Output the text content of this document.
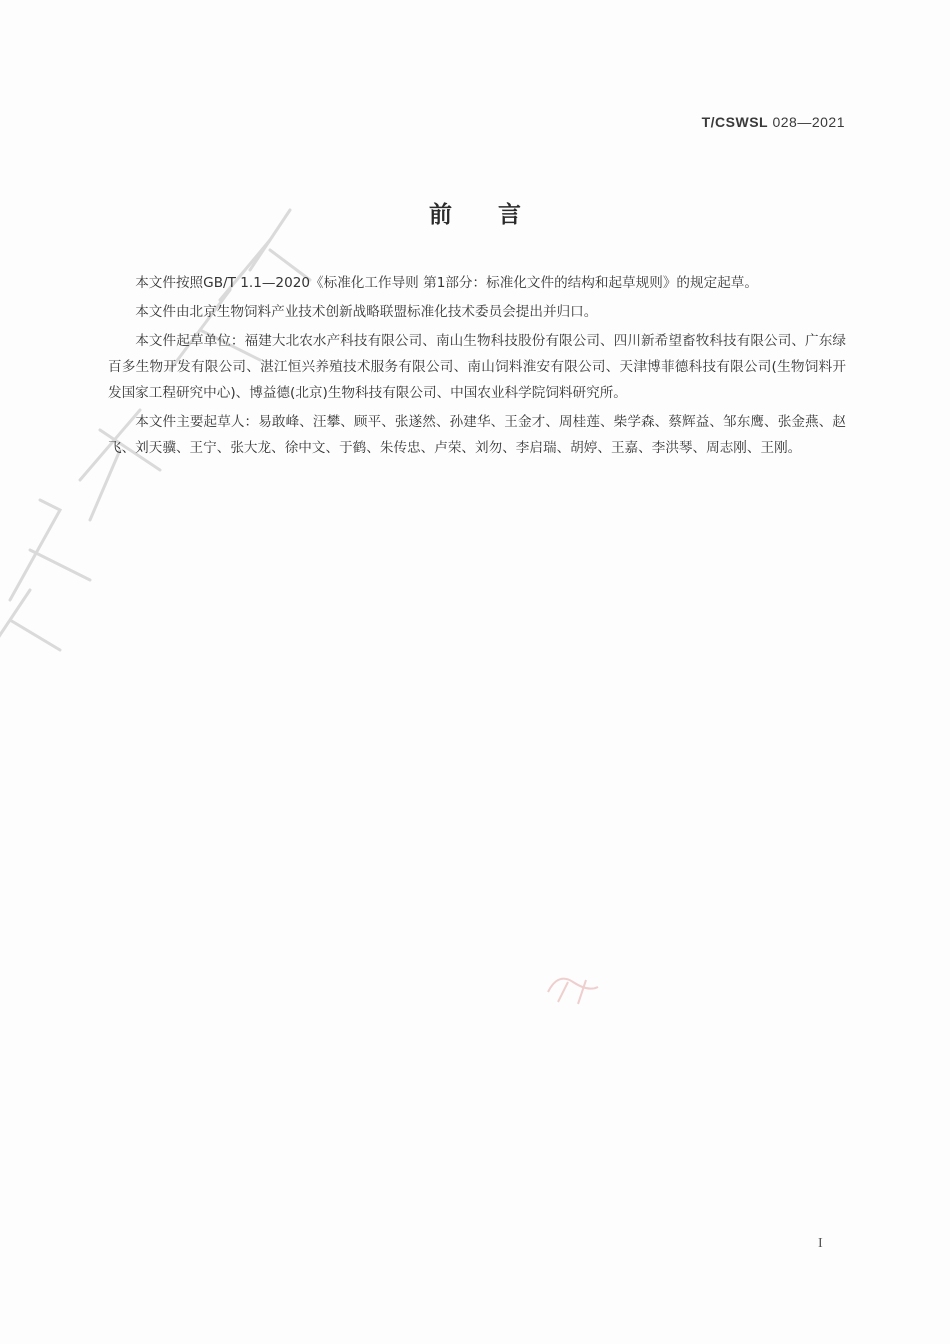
T/CSWSL 028—2021
前言

本文件按照GB/T 1.1—2020《标准化工作导则 第1部分：标准化文件的结构和起草规则》的规定起草。

本文件由北京生物饲料产业技术创新战略联盟标准化技术委员会提出并归口。

本文件起草单位：福建大北农水产科技有限公司、南山生物科技股份有限公司、四川新希望畜牧科技有限公司、广东绿百多生物开发有限公司、湛江恒兴养殖技术服务有限公司、南山饲料淮安有限公司、天津博菲德科技有限公司(生物饲料开发国家工程研究中心)、博益德(北京)生物科技有限公司、中国农业科学院饲料研究所。

本文件主要起草人：易敢峰、汪攀、顾平、张遂然、孙建华、王金才、周桂莲、柴学森、蔡辉益、邹东鹰、张金燕、赵飞、刘天骥、王宁、张大龙、徐中文、于鹤、朱传忠、卢荣、刘勿、李启瑞、胡婷、王嘉、李洪琴、周志刚、王刚。

I
